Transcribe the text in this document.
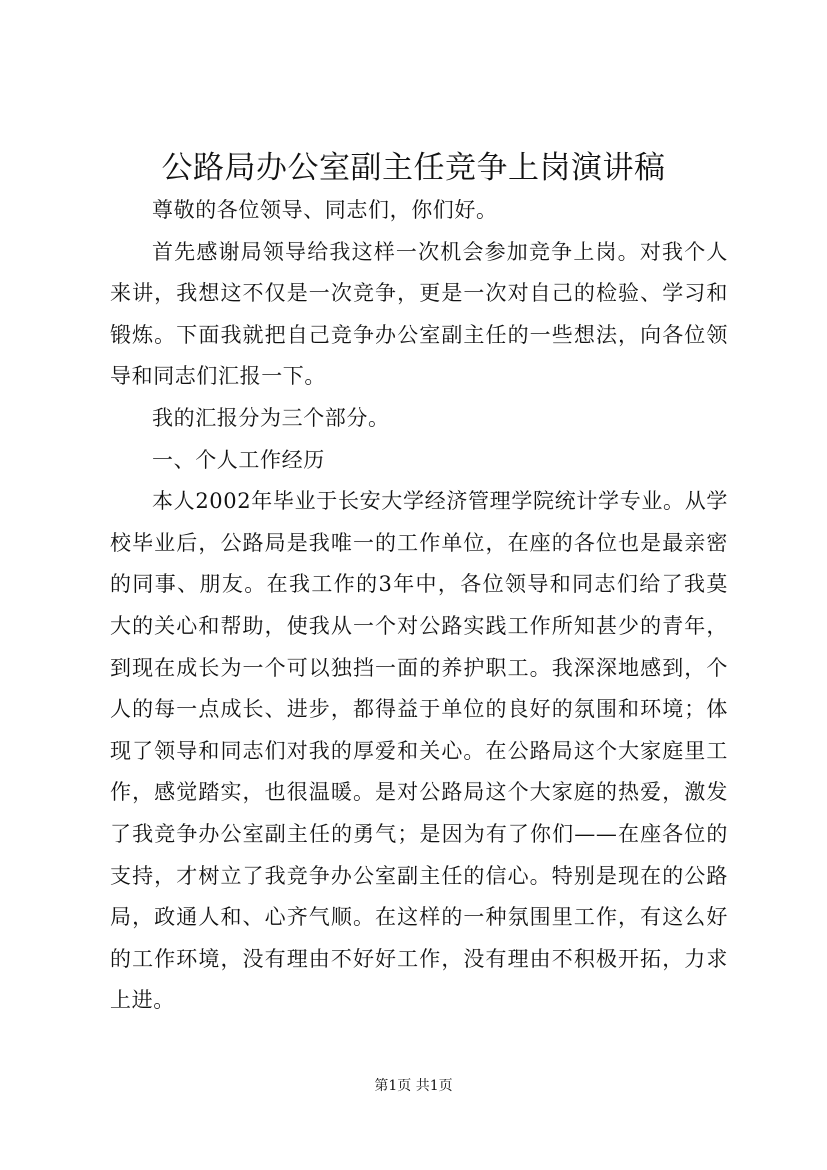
公路局办公室副主任竞争上岗演讲稿

尊敬的各位领导、同志们，你们好。

首先感谢局领导给我这样一次机会参加竞争上岗。对我个人来讲，我想这不仅是一次竞争，更是一次对自己的检验、学习和锻炼。下面我就把自己竞争办公室副主任的一些想法，向各位领导和同志们汇报一下。

我的汇报分为三个部分。

一、个人工作经历

本人2002年毕业于长安大学经济管理学院统计学专业。从学校毕业后，公路局是我唯一的工作单位，在座的各位也是最亲密的同事、朋友。在我工作的3年中，各位领导和同志们给了我莫大的关心和帮助，使我从一个对公路实践工作所知甚少的青年，到现在成长为一个可以独挡一面的养护职工。我深深地感到，个人的每一点成长、进步，都得益于单位的良好的氛围和环境；体现了领导和同志们对我的厚爱和关心。在公路局这个大家庭里工作，感觉踏实，也很温暖。是对公路局这个大家庭的热爱，激发了我竞争办公室副主任的勇气；是因为有了你们——在座各位的支持，才树立了我竞争办公室副主任的信心。特别是现在的公路局，政通人和、心齐气顺。在这样的一种氛围里工作，有这么好的工作环境，没有理由不好好工作，没有理由不积极开拓，力求上进。

第1页 共1页
